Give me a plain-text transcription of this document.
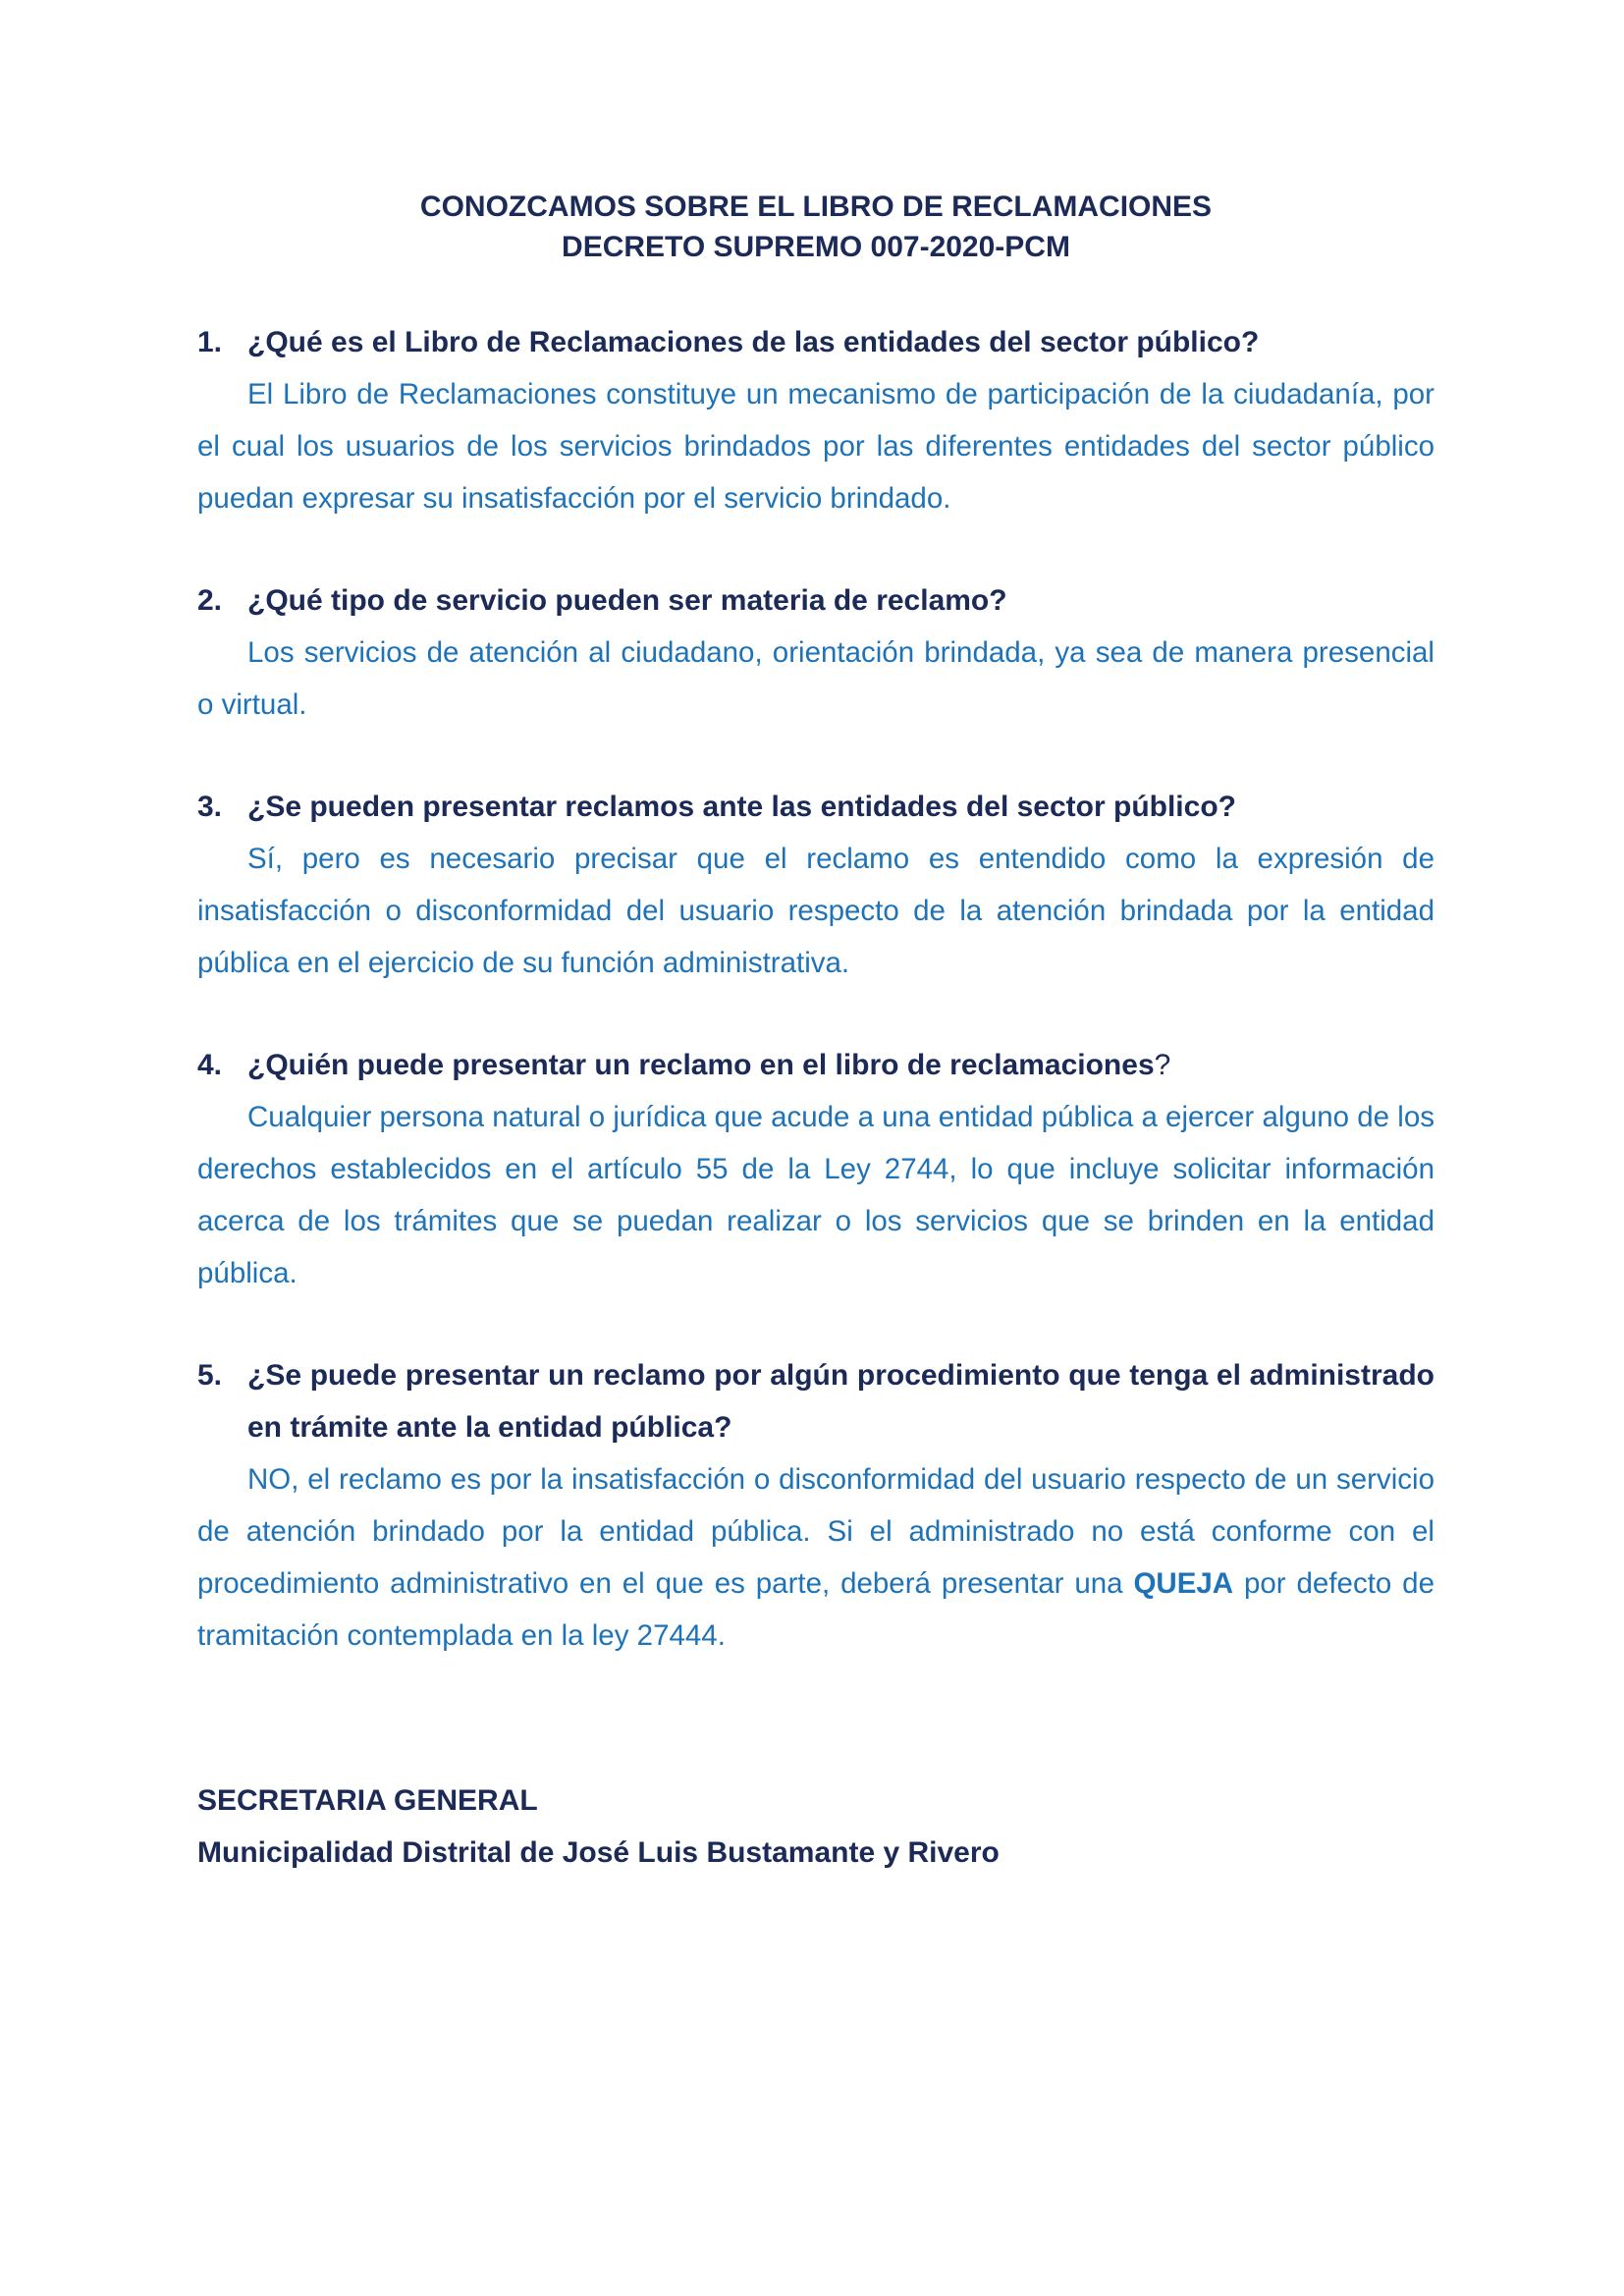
CONOZCAMOS SOBRE EL LIBRO DE RECLAMACIONES
DECRETO SUPREMO 007-2020-PCM
1. ¿Qué es el Libro de Reclamaciones de las entidades del sector público?

El Libro de Reclamaciones constituye un mecanismo de participación de la ciudadanía, por el cual los usuarios de los servicios brindados por las diferentes entidades del sector público puedan expresar su insatisfacción por el servicio brindado.

2. ¿Qué tipo de servicio pueden ser materia de reclamo?

Los servicios de atención al ciudadano, orientación brindada, ya sea de manera presencial o virtual.

3. ¿Se pueden presentar reclamos ante las entidades del sector público?

Sí, pero es necesario precisar que el reclamo es entendido como la expresión de insatisfacción o disconformidad del usuario respecto de la atención brindada por la entidad pública en el ejercicio de su función administrativa.

4. ¿Quién puede presentar un reclamo en el libro de reclamaciones?

Cualquier persona natural o jurídica que acude a una entidad pública a ejercer alguno de los derechos establecidos en el artículo 55 de la Ley 2744, lo que incluye solicitar información acerca de los trámites que se puedan realizar o los servicios que se brinden en la entidad pública.

5. ¿Se puede presentar un reclamo por algún procedimiento que tenga el administrado en trámite ante la entidad pública?

NO, el reclamo es por la insatisfacción o disconformidad del usuario respecto de un servicio de atención brindado por la entidad pública. Si el administrado no está conforme con el procedimiento administrativo en el que es parte, deberá presentar una QUEJA por defecto de tramitación contemplada en la ley 27444.

SECRETARIA GENERAL
Municipalidad Distrital de José Luis Bustamante y Rivero
